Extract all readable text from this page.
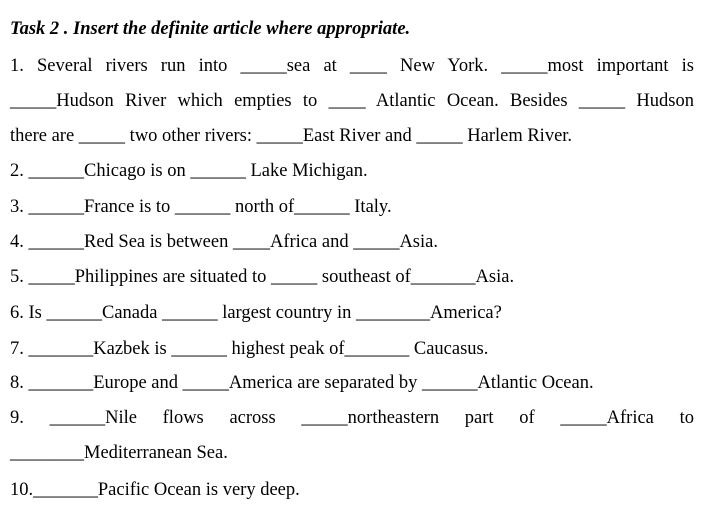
Task 2 . Insert the definite article where appropriate.
1. Several rivers run into _____sea at ____ New York. _____most important is
_____Hudson River which empties to ____ Atlantic Ocean. Besides _____ Hudson
there are _____ two other rivers: _____East River and _____ Harlem River.
2. ______Chicago is on ______ Lake Michigan.
3. ______France is to ______ north of______ Italy.
4. ______Red Sea is between ____Africa and _____Asia.
5. _____Philippines are situated to _____ southeast of_______Asia.
6. Is ______Canada ______ largest country in ________America?
7. _______Kazbek is ______ highest peak of_______ Caucasus.
8. _______Europe and _____America are separated by ______Atlantic Ocean.
9. ______Nile flows across _____northeastern part of _____Africa to
________Mediterranean Sea.
10._______Pacific Ocean is very deep.
